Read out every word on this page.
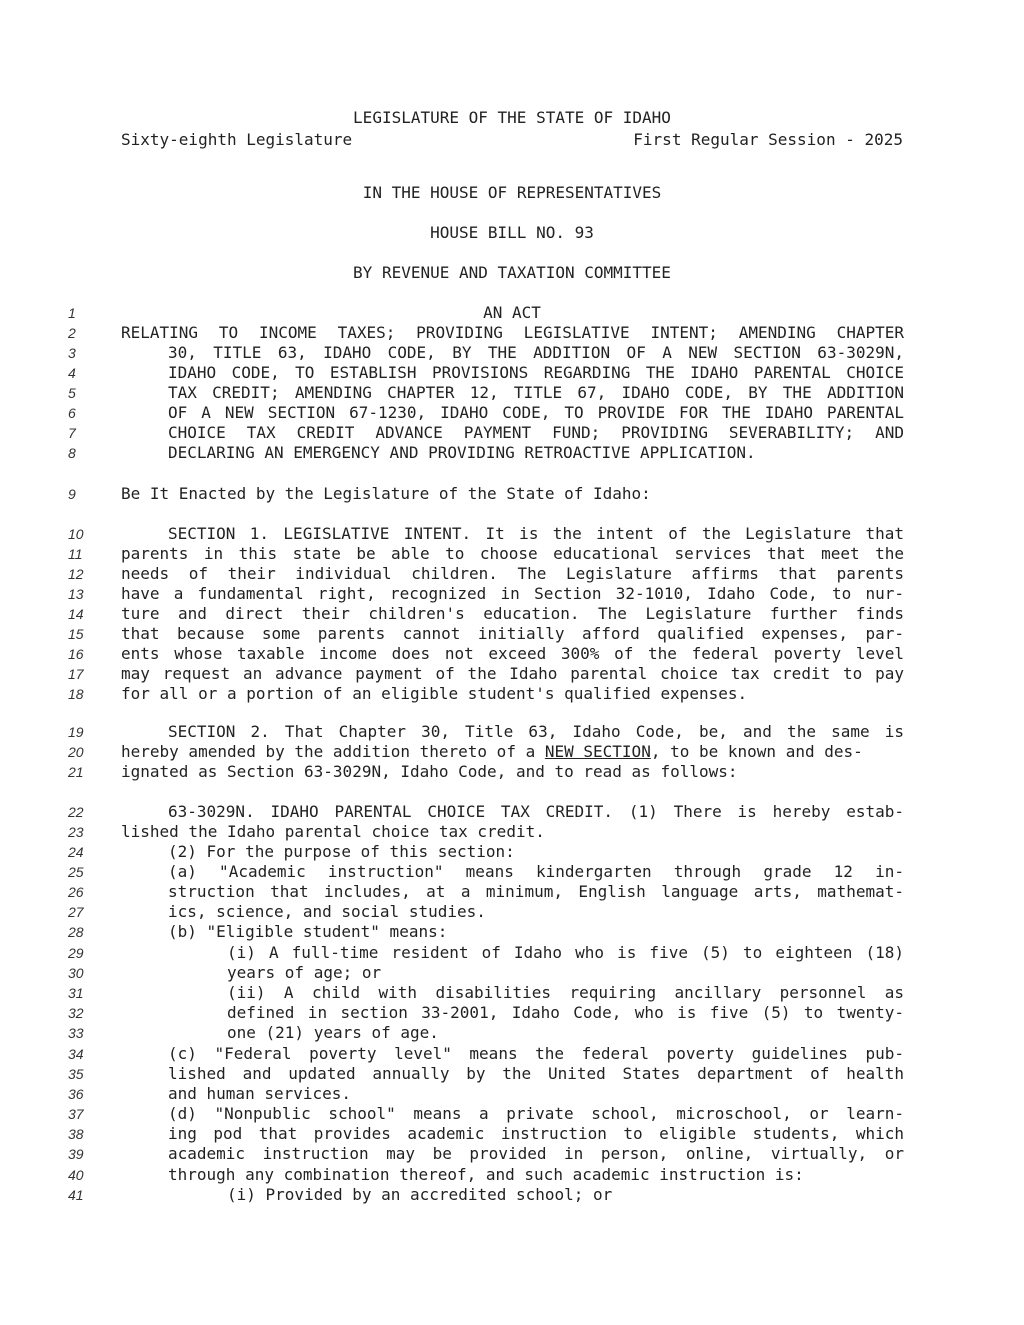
LEGISLATURE OF THE STATE OF IDAHO
Sixty-eighth Legislature	First Regular Session - 2025
IN THE HOUSE OF REPRESENTATIVES
HOUSE BILL NO. 93
BY REVENUE AND TAXATION COMMITTEE
1	AN ACT
2	RELATING TO INCOME TAXES; PROVIDING LEGISLATIVE INTENT; AMENDING CHAPTER
3	30, TITLE 63, IDAHO CODE, BY THE ADDITION OF A NEW SECTION 63-3029N,
4	IDAHO CODE, TO ESTABLISH PROVISIONS REGARDING THE IDAHO PARENTAL CHOICE
5	TAX CREDIT; AMENDING CHAPTER 12, TITLE 67, IDAHO CODE, BY THE ADDITION
6	OF A NEW SECTION 67-1230, IDAHO CODE, TO PROVIDE FOR THE IDAHO PARENTAL
7	CHOICE TAX CREDIT ADVANCE PAYMENT FUND; PROVIDING SEVERABILITY; AND
8	DECLARING AN EMERGENCY AND PROVIDING RETROACTIVE APPLICATION.
9	Be It Enacted by the Legislature of the State of Idaho:
10	SECTION 1. LEGISLATIVE INTENT. It is the intent of the Legislature that
11	parents in this state be able to choose educational services that meet the
12	needs of their individual children. The Legislature affirms that parents
13	have a fundamental right, recognized in Section 32-1010, Idaho Code, to nur-
14	ture and direct their children's education. The Legislature further finds
15	that because some parents cannot initially afford qualified expenses, par-
16	ents whose taxable income does not exceed 300% of the federal poverty level
17	may request an advance payment of the Idaho parental choice tax credit to pay
18	for all or a portion of an eligible student's qualified expenses.
19	SECTION 2. That Chapter 30, Title 63, Idaho Code, be, and the same is
20	hereby amended by the addition thereto of a NEW SECTION, to be known and des-
21	ignated as Section 63-3029N, Idaho Code, and to read as follows:
22	63-3029N. IDAHO PARENTAL CHOICE TAX CREDIT. (1) There is hereby estab-
23	lished the Idaho parental choice tax credit.
24	(2) For the purpose of this section:
25	(a) "Academic instruction" means kindergarten through grade 12 in-
26	struction that includes, at a minimum, English language arts, mathemat-
27	ics, science, and social studies.
28	(b) "Eligible student" means:
29	(i) A full-time resident of Idaho who is five (5) to eighteen (18)
30	years of age; or
31	(ii) A child with disabilities requiring ancillary personnel as
32	defined in section 33-2001, Idaho Code, who is five (5) to twenty-
33	one (21) years of age.
34	(c) "Federal poverty level" means the federal poverty guidelines pub-
35	lished and updated annually by the United States department of health
36	and human services.
37	(d) "Nonpublic school" means a private school, microschool, or learn-
38	ing pod that provides academic instruction to eligible students, which
39	academic instruction may be provided in person, online, virtually, or
40	through any combination thereof, and such academic instruction is:
41	(i) Provided by an accredited school; or
